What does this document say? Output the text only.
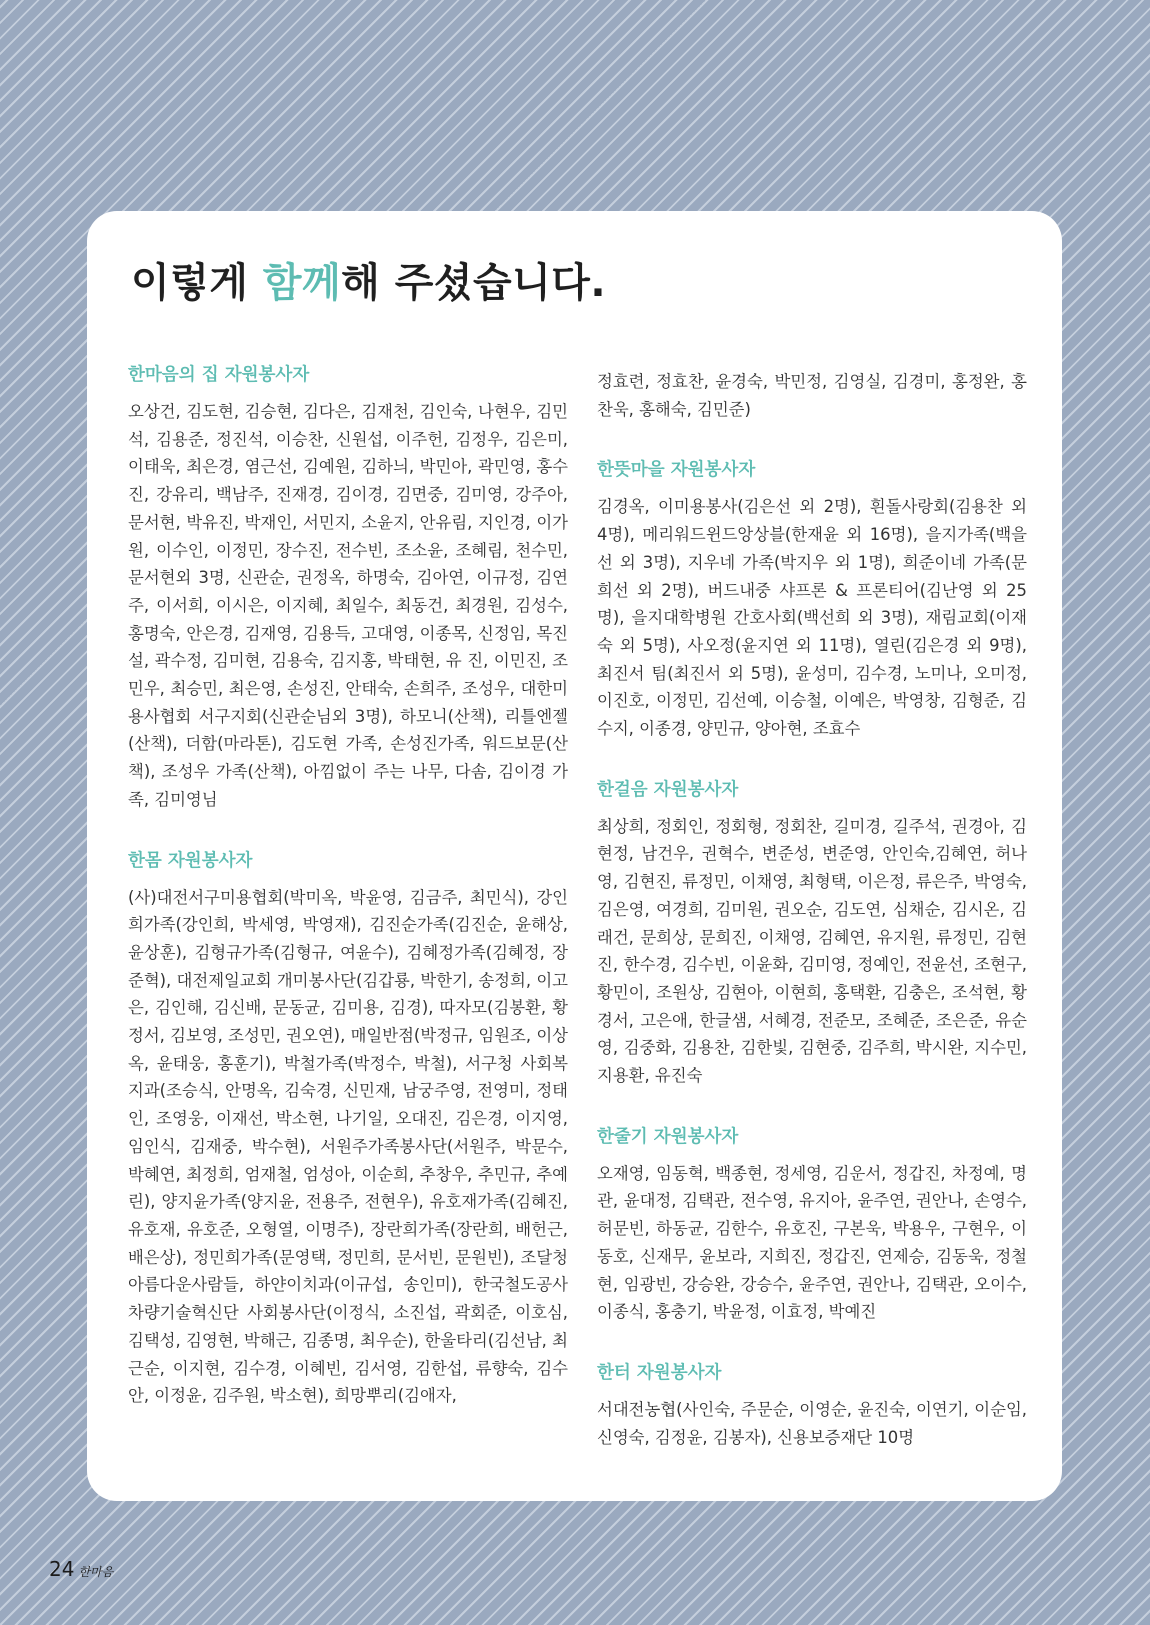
이렇게 함께해 주셨습니다.
한마음의 집 자원봉사자

오상건, 김도현, 김승현, 김다은, 김재천, 김인숙, 나현우, 김민석, 김용준, 정진석, 이승찬, 신원섭, 이주헌, 김정우, 김은미, 이태욱, 최은경, 염근선, 김예원, 김하늬, 박민아, 곽민영, 홍수진, 강유리, 백남주, 진재경, 김이경, 김면중, 김미영, 강주아, 문서현, 박유진, 박재인, 서민지, 소윤지, 안유림, 지인경, 이가원, 이수인, 이정민, 장수진, 전수빈, 조소윤, 조혜림, 천수민, 문서현외 3명, 신관순, 권정옥, 하명숙, 김아연, 이규정, 김연주, 이서희, 이시은, 이지혜, 최일수, 최동건, 최경원, 김성수, 홍명숙, 안은경, 김재영, 김용득, 고대영, 이종목, 신정임, 목진설, 곽수정, 김미현, 김용숙, 김지홍, 박태현, 유 진, 이민진, 조민우, 최승민, 최은영, 손성진, 안태숙, 손희주, 조성우, 대한미용사협회 서구지회(신관순님외 3명), 하모니(산책), 리틀엔젤(산책), 더함(마라톤), 김도현 가족, 손성진가족, 워드보문(산책), 조성우 가족(산책), 아낌없이 주는 나무, 다솜, 김이경 가족, 김미영님

한몸 자원봉사자

(사)대전서구미용협회(박미옥, 박윤영, 김금주, 최민식), 강인희가족(강인희, 박세영, 박영재), 김진순가족(김진순, 윤해상, 윤상훈), 김형규가족(김형규, 여윤수), 김혜정가족(김혜정, 장준혁), 대전제일교회 개미봉사단(김갑룡, 박한기, 송정희, 이고은, 김인해, 김신배, 문동균, 김미용, 김경), 따자모(김봉환, 황정서, 김보영, 조성민, 권오연), 매일반점(박정규, 임원조, 이상옥, 윤태웅, 홍훈기), 박철가족(박정수, 박철), 서구청 사회복지과(조승식, 안명옥, 김숙경, 신민재, 남궁주영, 전영미, 정태인, 조영웅, 이재선, 박소현, 나기일, 오대진, 김은경, 이지영, 임인식, 김재중, 박수현), 서원주가족봉사단(서원주, 박문수, 박혜연, 최정희, 엄재철, 엄성아, 이순희, 추창우, 추민규, 추예린), 양지윤가족(양지윤, 전용주, 전현우), 유호재가족(김혜진, 유호재, 유호준, 오형열, 이명주), 장란희가족(장란희, 배헌근, 배은상), 정민희가족(문영택, 정민희, 문서빈, 문원빈), 조달청 아름다운사람들, 하얀이치과(이규섭, 송인미), 한국철도공사 차량기술혁신단 사회봉사단(이정식, 소진섭, 곽회준, 이호심, 김택성, 김영현, 박해근, 김종명, 최우순), 한울타리(김선남, 최근순, 이지현, 김수경, 이혜빈, 김서영, 김한섭, 류향숙, 김수안, 이정윤, 김주원, 박소현), 희망뿌리(김애자,

정효련, 정효찬, 윤경숙, 박민정, 김영실, 김경미, 홍정완, 홍찬욱, 홍해숙, 김민준)

한뜻마을 자원봉사자

김경옥, 이미용봉사(김은선 외 2명), 흰돌사랑회(김용찬 외 4명), 메리워드윈드앙상블(한재윤 외 16명), 을지가족(백을선 외 3명), 지우네 가족(박지우 외 1명), 희준이네 가족(문희선 외 2명), 버드내중 샤프론 & 프론티어(김난영 외 25명), 을지대학병원 간호사회(백선희 외 3명), 재림교회(이재숙 외 5명), 사오정(윤지연 외 11명), 열린(김은경 외 9명), 최진서 팀(최진서 외 5명), 윤성미, 김수경, 노미나, 오미정, 이진호, 이정민, 김선예, 이승철, 이예은, 박영창, 김형준, 김수지, 이종경, 양민규, 양아현, 조효수

한걸음 자원봉사자

최상희, 정회인, 정회형, 정회찬, 길미경, 길주석, 권경아, 김현정, 남건우, 권혁수, 변준성, 변준영, 안인숙,김혜연, 허나영, 김현진, 류정민, 이채영, 최형택, 이은정, 류은주, 박영숙, 김은영, 여경희, 김미원, 권오순, 김도연, 심채순, 김시온, 김래건, 문희상, 문희진, 이채영, 김혜연, 유지원, 류정민, 김현진, 한수경, 김수빈, 이윤화, 김미영, 정예인, 전윤선, 조현구, 황민이, 조원상, 김현아, 이현희, 홍택환, 김충은, 조석현, 황경서, 고은애, 한글샘, 서혜경, 전준모, 조혜준, 조은준, 유순영, 김중화, 김용찬, 김한빛, 김현중, 김주희, 박시완, 지수민, 지용환, 유진숙

한줄기 자원봉사자

오재영, 임동혁, 백종현, 정세영, 김운서, 정갑진, 차정예, 명관, 윤대정, 김택관, 전수영, 유지아, 윤주연, 권안나, 손영수, 허문빈, 하동균, 김한수, 유호진, 구본욱, 박용우, 구현우, 이동호, 신재무, 윤보라, 지희진, 정갑진, 연제승, 김동욱, 정철현, 임광빈, 강승완, 강승수, 윤주연, 권안나, 김택관, 오이수, 이종식, 홍충기, 박윤정, 이효정, 박예진

한터 자원봉사자

서대전농협(사인숙, 주문순, 이영순, 윤진숙, 이연기, 이순임, 신영숙, 김정윤, 김봉자), 신용보증재단 10명

24 한마음
